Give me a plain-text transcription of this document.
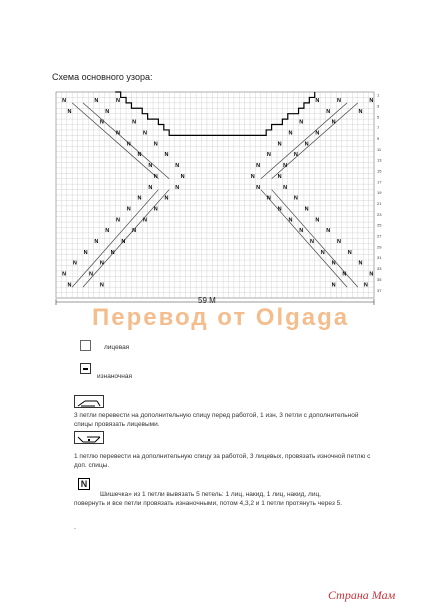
Схема основного узора:
N	N	N	N	N	N
N	N	N	N
N	N	N	N
N	N	N	N
N	N	N	N
N	N	N	N
N	N	N	N
N	N	N	N
N	N	N	N
N	N	N	N
N	N	N	N
N	N	N	N
N	N	N	N
N	N	N	N
N	N	N	N
N	N	N	N
N	N	N	N
N	N	N	N
1
3
5
7
9
11
13
15
17
19
21
23
25
27
29
31
33
35
37
59 М
Перевод от Olgaga
лицевая
изнаночная
3 петли перевести на дополнительную спицу перед работой, 1 изн, 3 петли с дополнительной спицы провязать лицевыми.
1 петлю перевести на дополнительную спицу за работой, 3 лицевых, провязать изночной петлю с доп. спицы.
N
Шишечка» из 1 петли вывязать 5 петель: 1 лиц, накид, 1 лиц, накид, лиц,
повернуть и все петли провязать изнаночными, потом 4,3,2 и 1 петли протянуть через 5.
.
Страна Мам
